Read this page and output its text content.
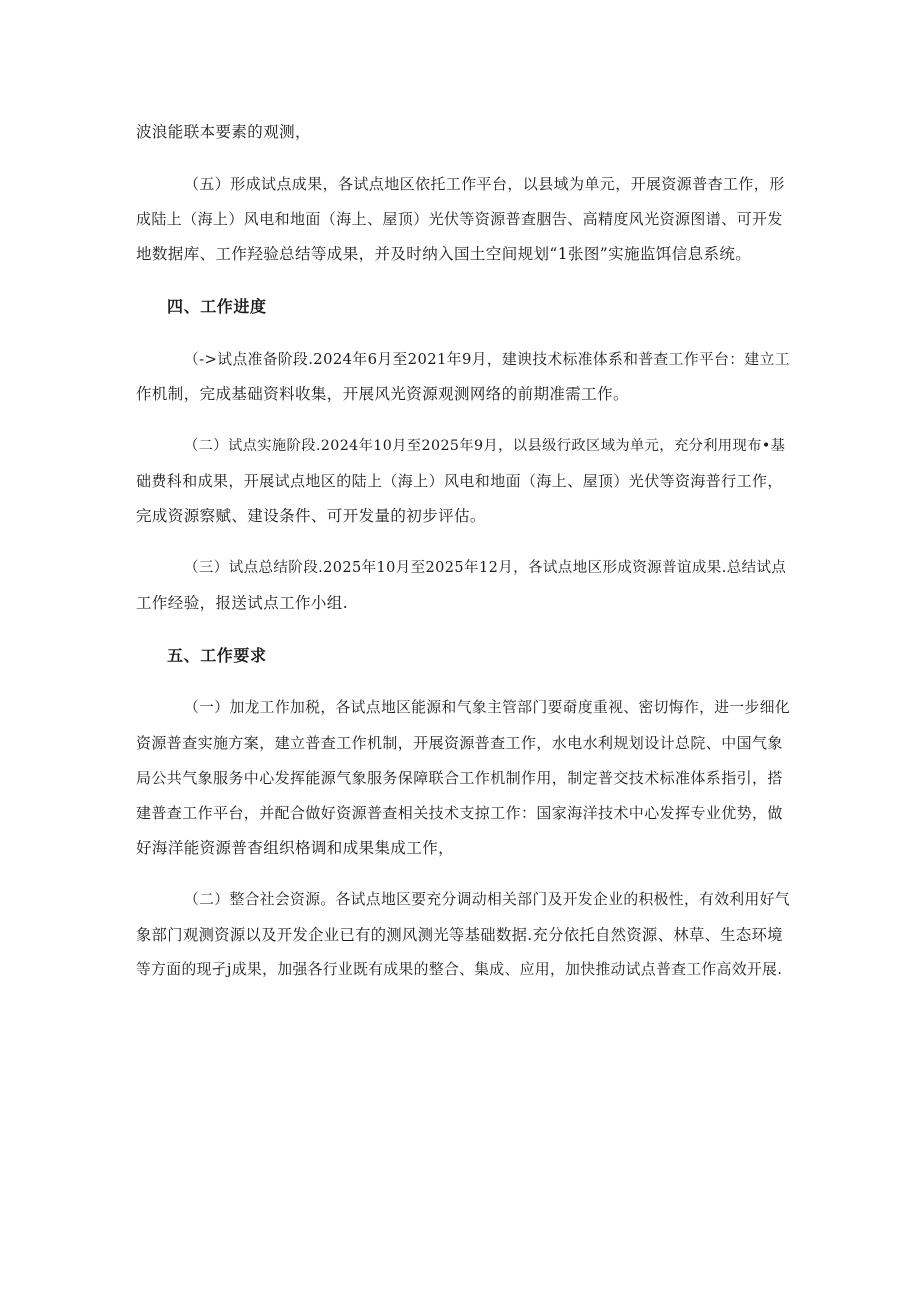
波浪能联本要素的观测，

（五）形成试点成果，各试点地区依托工作平台，以县域为单元，开展资源普杳工作，形

成陆上（海上）风电和地面（海上、屋顶）光伏等资源普查胭告、高精度风光资源图谱、可开发

地数据库、工作羟验总结等成果，并及时纳入国土空间规划“1张图”实施监饵信息系统。

四、工作进度

（->试点准备阶段.2024年6月至2021年9月，建谀技术标准体系和普查工作平台：建立工

作机制，完成基础资料收集，开展风光资源观测网络的前期准需工作。

（二）试点实施阶段.2024年10月至2025年9月，以县级行政区域为单元，充分利用现布•基

础费科和成果，开展试点地区的陆上（海上）风电和地面（海上、屋顶）光伏等资海普行工作，

完成资源察赋、建设条件、可开发量的初步评估。

（三）试点总结阶段.2025年10月至2025年12月，各试点地区形成资源普谊成果.总结试点

工作经验，报送试点工作小组.

五、工作要求

（一）加龙工作加税，各试点地区能源和气象主管部门要奣度重视、密切悔作，进一步细化

资源普查实施方案，建立普查工作机制，开展资源普查工作，水电水利规划设计总院、中国气象

局公共气象服务中心发挥能源气象服务保障联合工作机制作用，制定普交技术标准体系指引，搭

建普查工作平台，并配合做好资源普查相关技术支掠工作：国家海洋技术中心发挥专业优势，做

好海洋能资源普杳组织格调和成果集成工作，

（二）整合社会资源。各试点地区要充分调动相关部门及开发企业的积极性，有效利用好气

象部门观测资源以及开发企业已有的测风测光等基础数据.充分依托自然资源、林草、生态环境

等方面的现孑j成果，加强各行业既有成果的整合、集成、应用，加快推动试点普查工作高效开展.
